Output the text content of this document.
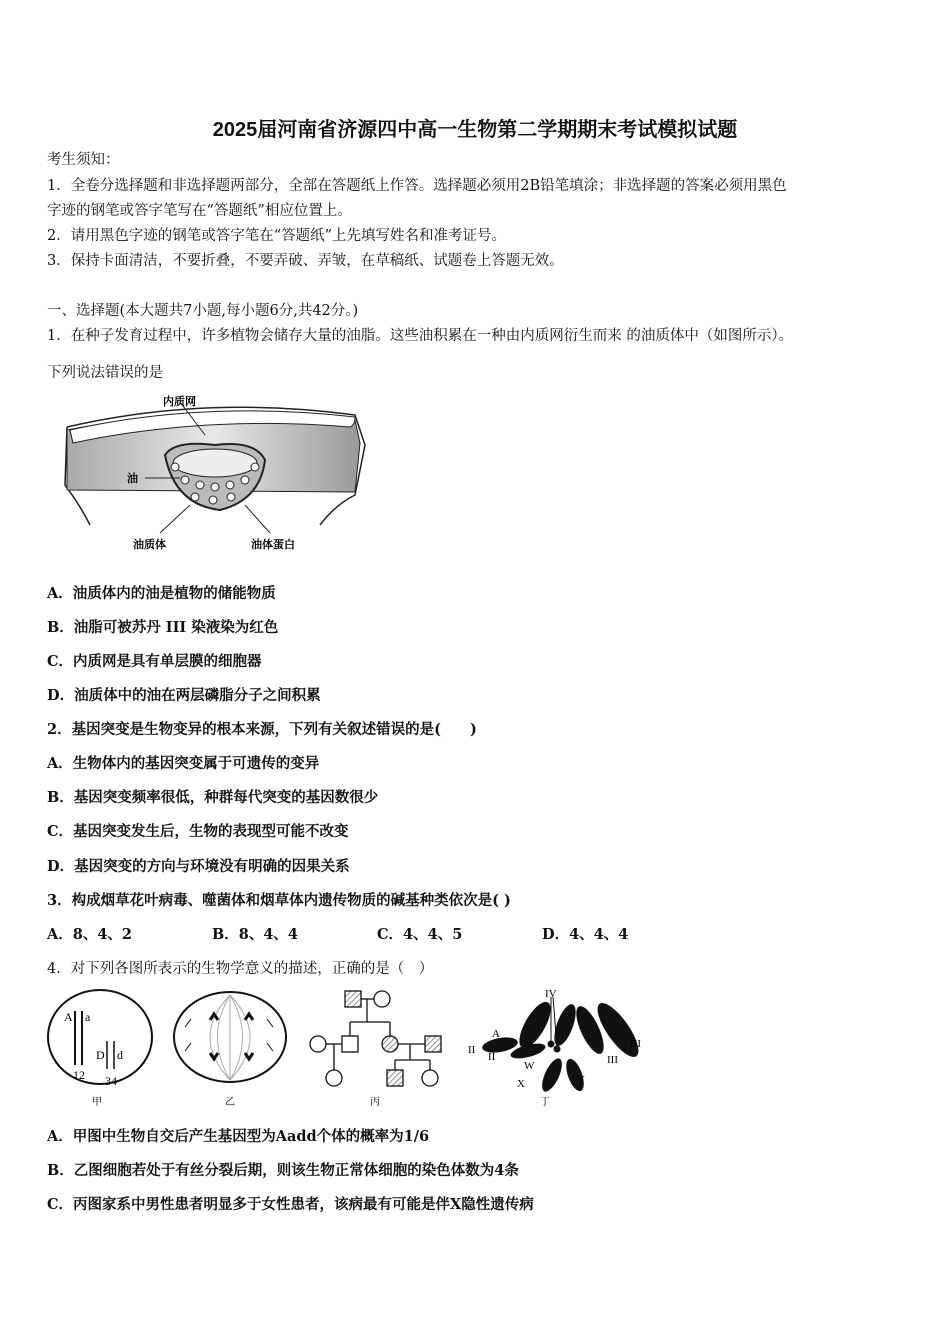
2025届河南省济源四中高一生物第二学期期末考试模拟试题
考生须知：
1．全卷分选择题和非选择题两部分，全部在答题纸上作答。选择题必须用2B铅笔填涂；非选择题的答案必须用黑色
字迹的钢笔或答字笔写在“答题纸”相应位置上。
2．请用黑色字迹的钢笔或答字笔在“答题纸”上先填写姓名和准考证号。
3．保持卡面清洁，不要折叠，不要弄破、弄皱，在草稿纸、试题卷上答题无效。
一、选择题(本大题共7小题,每小题6分,共42分。)
1．在种子发育过程中，许多植物会储存大量的油脂。这些油积累在一种由内质网衍生而来 的油质体中（如图所示）。
下列说法错误的是
内质网
油
油质体	油体蛋白
A．油质体内的油是植物的储能物质
B．油脂可被苏丹 III 染液染为红色
C．内质网是具有单层膜的细胞器
D．油质体中的油在两层磷脂分子之间积累
2．基因突变是生物变异的根本来源，下列有关叙述错误的是(　　)
A．生物体内的基因突变属于可遗传的变异
B．基因突变频率很低，种群每代突变的基因数很少
C．基因突变发生后，生物的表现型可能不改变
D．基因突变的方向与环境没有明确的因果关系
3．构成烟草花叶病毒、噬菌体和烟草体内遗传物质的碱基种类依次是( )
A．8、4、2	B．8、4、4	C．4、4、5	D．4、4、4
4．对下列各图所表示的生物学意义的描述，正确的是（　）
A a
12
D d
34
甲	乙	丙
IV
II
II
III
III
A
a
W
X	Y
丁
A．甲图中生物自交后产生基因型为Aadd个体的概率为1/6
B．乙图细胞若处于有丝分裂后期，则该生物正常体细胞的染色体数为4条
C．丙图家系中男性患者明显多于女性患者，该病最有可能是伴X隐性遗传病
